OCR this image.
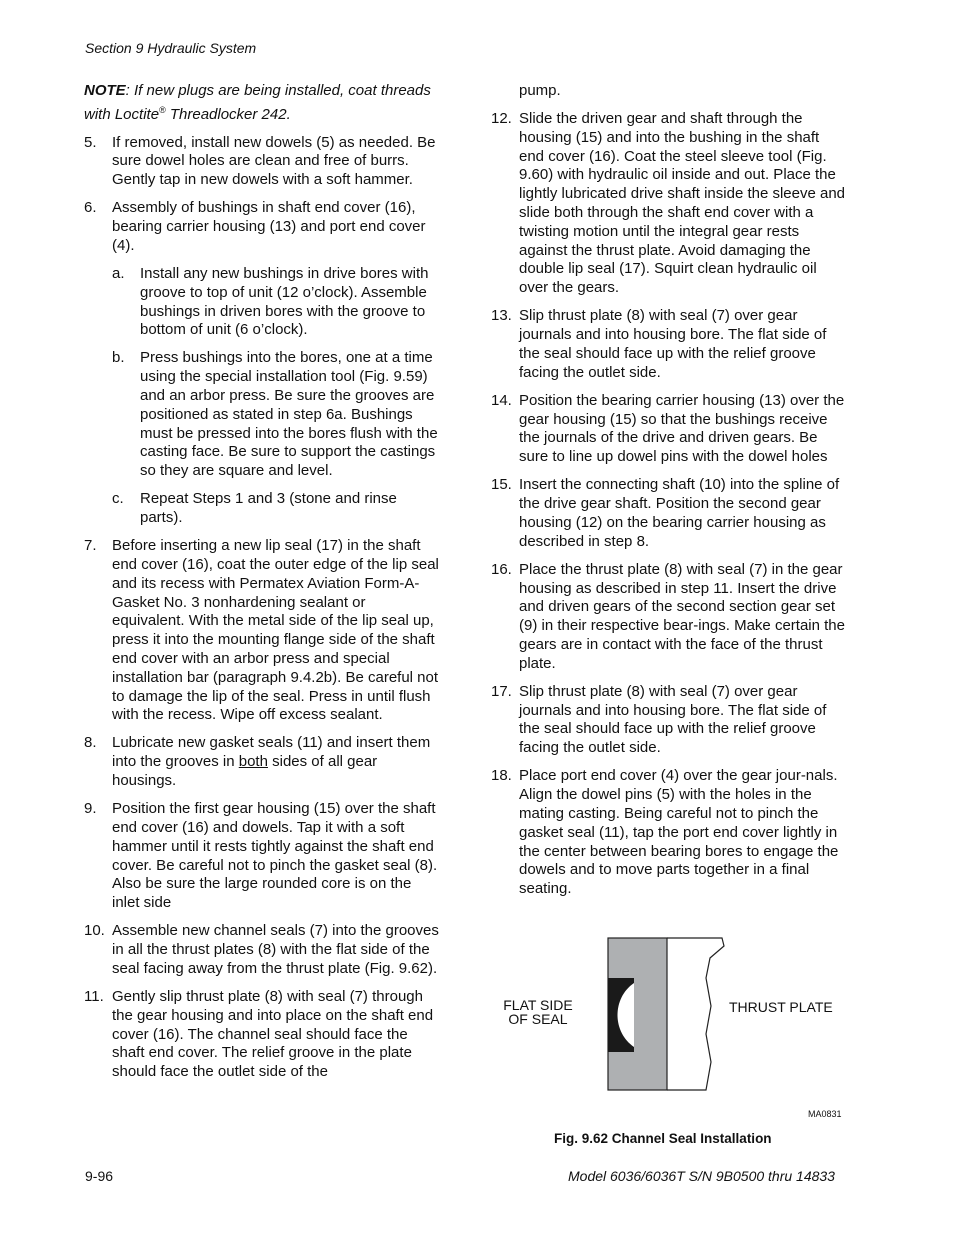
Section 9 Hydraulic System
NOTE: If new plugs are being installed, coat threads with Loctite® Threadlocker 242.
5. If removed, install new dowels (5) as needed. Be sure dowel holes are clean and free of burrs. Gently tap in new dowels with a soft hammer.
6. Assembly of bushings in shaft end cover (16), bearing carrier housing (13) and port end cover (4).
a. Install any new bushings in drive bores with groove to top of unit (12 o’clock). Assemble bushings in driven bores with the groove to bottom of unit (6 o’clock).
b. Press bushings into the bores, one at a time using the special installation tool (Fig. 9.59) and an arbor press. Be sure the grooves are positioned as stated in step 6a. Bushings must be pressed into the bores flush with the casting face. Be sure to support the castings so they are square and level.
c. Repeat Steps 1 and 3 (stone and rinse parts).
7. Before inserting a new lip seal (17) in the shaft end cover (16), coat the outer edge of the lip seal and its recess with Permatex Aviation Form-A-Gasket No. 3 nonhardening sealant or equivalent. With the metal side of the lip seal up, press it into the mounting flange side of the shaft end cover with an arbor press and special installation bar (paragraph 9.4.2b). Be careful not to damage the lip of the seal. Press in until flush with the recess. Wipe off excess sealant.
8. Lubricate new gasket seals (11) and insert them into the grooves in both sides of all gear housings.
9. Position the first gear housing (15) over the shaft end cover (16) and dowels. Tap it with a soft hammer until it rests tightly against the shaft end cover. Be careful not to pinch the gasket seal (8). Also be sure the large rounded core is on the inlet side
10. Assemble new channel seals (7) into the grooves in all the thrust plates (8) with the flat side of the seal facing away from the thrust plate (Fig. 9.62).
11. Gently slip thrust plate (8) with seal (7) through the gear housing and into place on the shaft end cover (16). The channel seal should face the shaft end cover. The relief groove in the plate should face the outlet side of the
pump.
12. Slide the driven gear and shaft through the housing (15) and into the bushing in the shaft end cover (16). Coat the steel sleeve tool (Fig. 9.60) with hydraulic oil inside and out. Place the lightly lubricated drive shaft inside the sleeve and slide both through the shaft end cover with a twisting motion until the integral gear rests against the thrust plate. Avoid damaging the double lip seal (17). Squirt clean hydraulic oil over the gears.
13. Slip thrust plate (8) with seal (7) over gear journals and into housing bore. The flat side of the seal should face up with the relief groove facing the outlet side.
14. Position the bearing carrier housing (13) over the gear housing (15) so that the bushings receive the journals of the drive and driven gears. Be sure to line up dowel pins with the dowel holes
15. Insert the connecting shaft (10) into the spline of the drive gear shaft. Position the second gear housing (12) on the bearing carrier housing as described in step 8.
16. Place the thrust plate (8) with seal (7) in the gear housing as described in step 11. Insert the drive and driven gears of the second section gear set (9) in their respective bear-ings. Make certain the gears are in contact with the face of the thrust plate.
17. Slip thrust plate (8) with seal (7) over gear journals and into housing bore. The flat side of the seal should face up with the relief groove facing the outlet side.
18. Place port end cover (4) over the gear jour-nals. Align the dowel pins (5) with the holes in the mating casting. Being careful not to pinch the gasket seal (11), tap the port end cover lightly in the center between bearing bores to engage the dowels and to move parts together in a final seating.
FLAT SIDE
OF SEAL
THRUST PLATE
MA0831
Fig. 9.62 Channel Seal Installation
9-96	Model 6036/6036T S/N 9B0500 thru 14833
